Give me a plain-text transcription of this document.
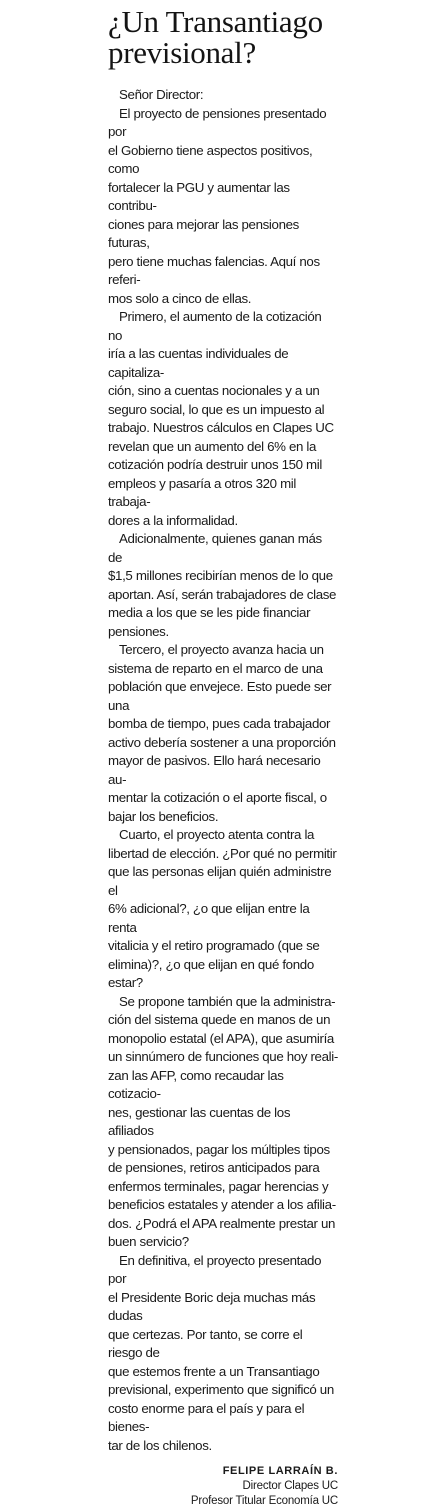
¿Un Transantiago
previsional?

Señor Director:

El proyecto de pensiones presentado por
el Gobierno tiene aspectos positivos, como
fortalecer la PGU y aumentar las contribu-
ciones para mejorar las pensiones futuras,
pero tiene muchas falencias. Aquí nos referi-
mos solo a cinco de ellas.

Primero, el aumento de la cotización no
iría a las cuentas individuales de capitaliza-
ción, sino a cuentas nocionales y a un
seguro social, lo que es un impuesto al
trabajo. Nuestros cálculos en Clapes UC
revelan que un aumento del 6% en la
cotización podría destruir unos 150 mil
empleos y pasaría a otros 320 mil trabaja-
dores a la informalidad.

Adicionalmente, quienes ganan más de
$1,5 millones recibirían menos de lo que
aportan. Así, serán trabajadores de clase
media a los que se les pide financiar
pensiones.

Tercero, el proyecto avanza hacia un
sistema de reparto en el marco de una
población que envejece. Esto puede ser una
bomba de tiempo, pues cada trabajador
activo debería sostener a una proporción
mayor de pasivos. Ello hará necesario au-
mentar la cotización o el aporte fiscal, o
bajar los beneficios.

Cuarto, el proyecto atenta contra la
libertad de elección. ¿Por qué no permitir
que las personas elijan quién administre el
6% adicional?, ¿o que elijan entre la renta
vitalicia y el retiro programado (que se
elimina)?, ¿o que elijan en qué fondo estar?

Se propone también que la administra-
ción del sistema quede en manos de un
monopolio estatal (el APA), que asumiría
un sinnúmero de funciones que hoy reali-
zan las AFP, como recaudar las cotizacio-
nes, gestionar las cuentas de los afiliados
y pensionados, pagar los múltiples tipos
de pensiones, retiros anticipados para
enfermos terminales, pagar herencias y
beneficios estatales y atender a los afilia-
dos. ¿Podrá el APA realmente prestar un
buen servicio?

En definitiva, el proyecto presentado por
el Presidente Boric deja muchas más dudas
que certezas. Por tanto, se corre el riesgo de
que estemos frente a un Transantiago
previsional, experimento que significó un
costo enorme para el país y para el bienes-
tar de los chilenos.

FELIPE LARRAÍN B.
Director Clapes UC
Profesor Titular Economía UC
